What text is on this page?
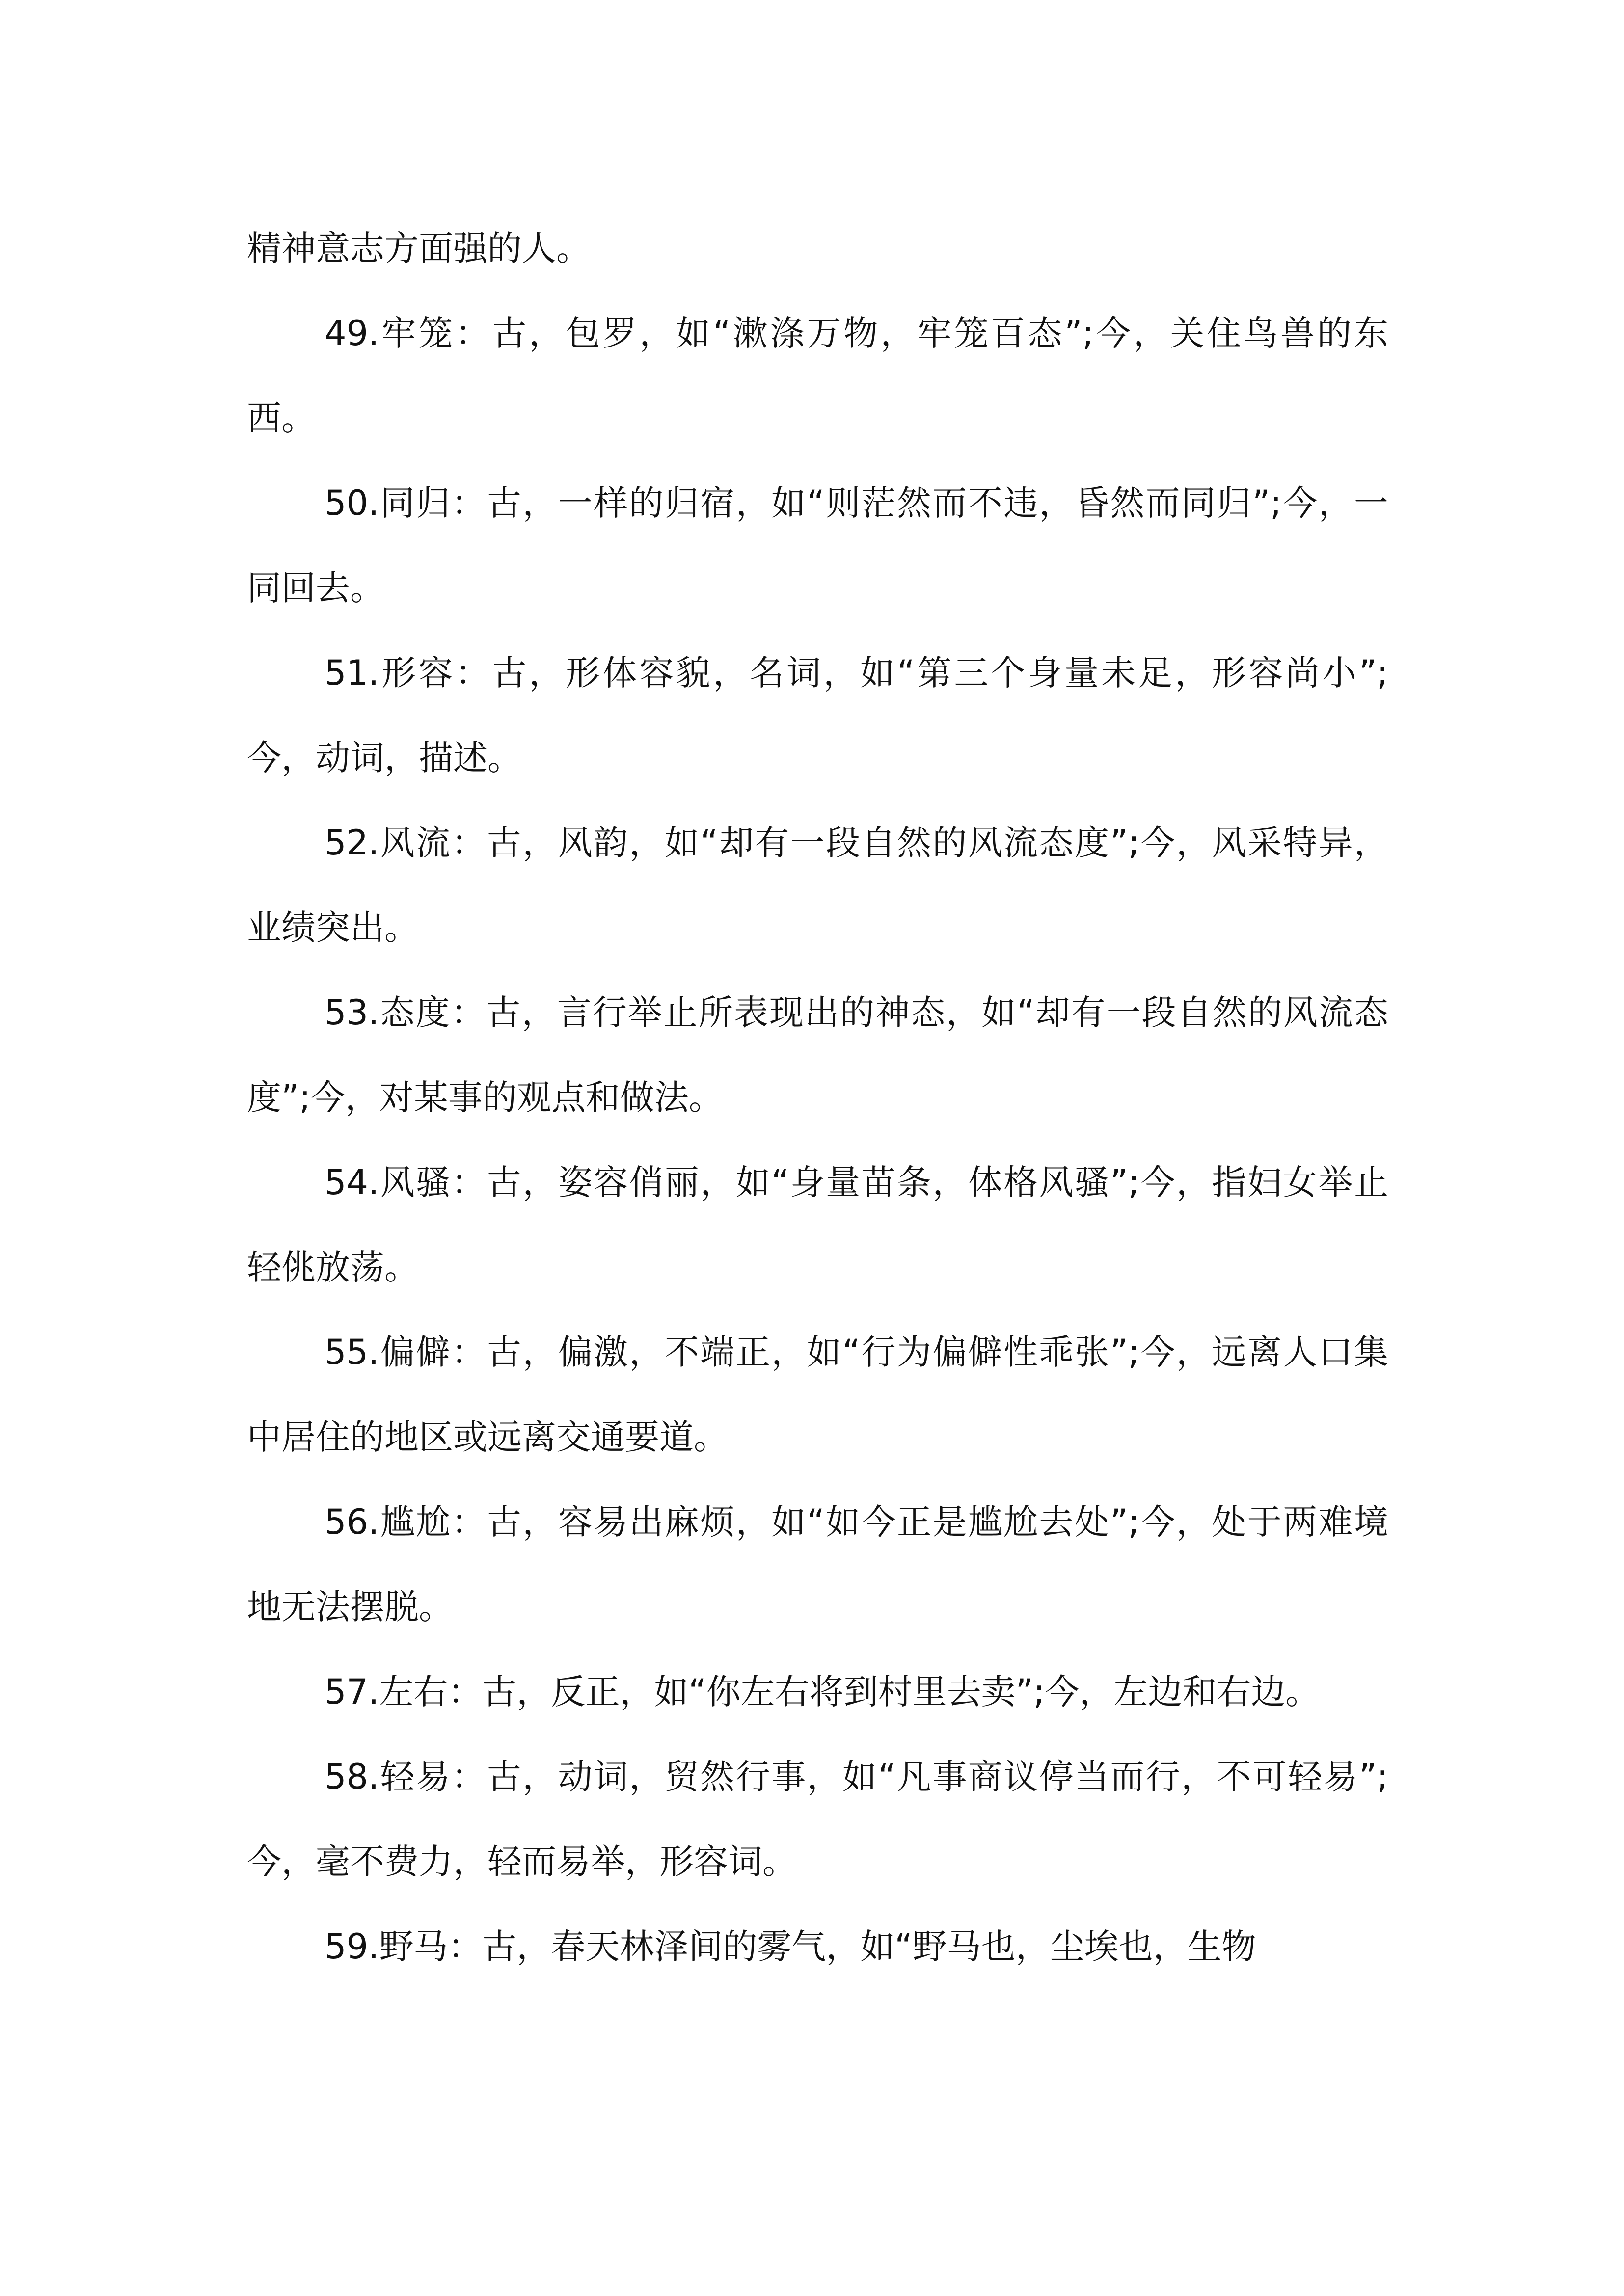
精神意志方面强的人。

49.牢笼：古，包罗，如“漱涤万物，牢笼百态”;今，关住鸟兽的东西。

50.同归：古，一样的归宿，如“则茫然而不违，昏然而同归”;今，一同回去。

51.形容：古，形体容貌，名词，如“第三个身量未足，形容尚小”;今，动词，描述。

52.风流：古，风韵，如“却有一段自然的风流态度”;今，风采特异，业绩突出。

53.态度：古，言行举止所表现出的神态，如“却有一段自然的风流态度”;今，对某事的观点和做法。

54.风骚：古，姿容俏丽，如“身量苗条，体格风骚”;今，指妇女举止轻佻放荡。

55.偏僻：古，偏激，不端正，如“行为偏僻性乖张”;今，远离人口集中居住的地区或远离交通要道。

56.尴尬：古，容易出麻烦，如“如今正是尴尬去处”;今，处于两难境地无法摆脱。

57.左右：古，反正，如“你左右将到村里去卖”;今，左边和右边。

58.轻易：古，动词，贸然行事，如“凡事商议停当而行，不可轻易”;今，毫不费力，轻而易举，形容词。

59.野马：古，春天林泽间的雾气，如“野马也，尘埃也，生物
